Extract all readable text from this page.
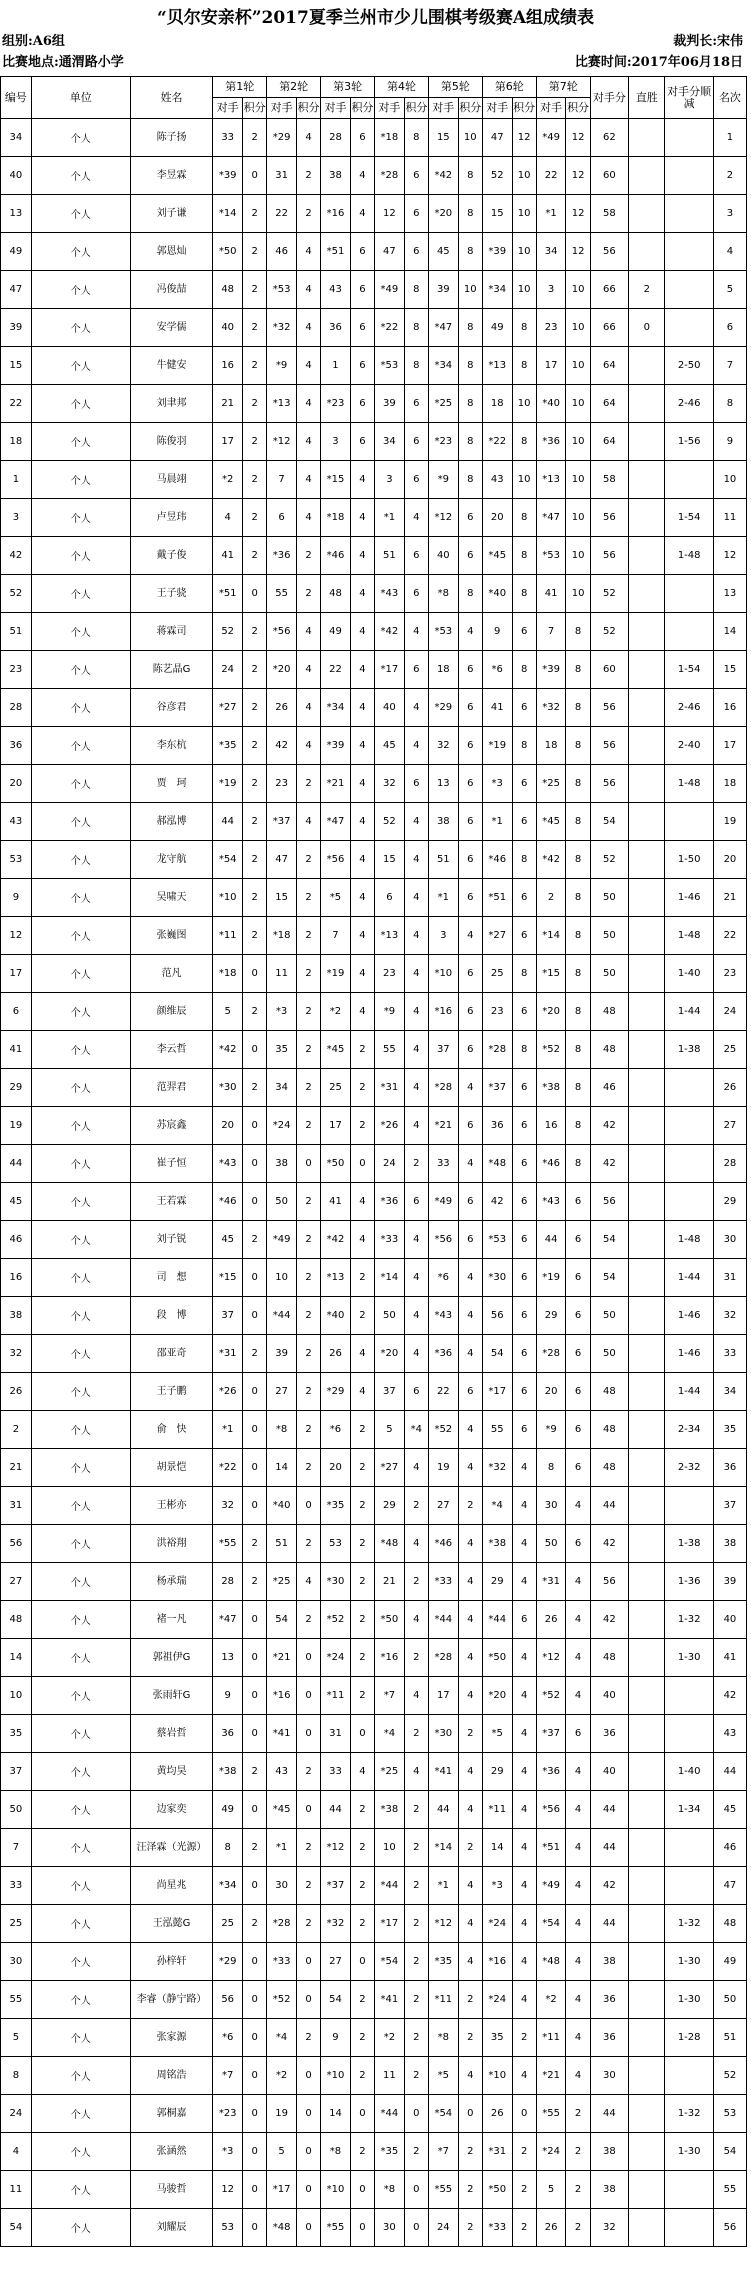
“贝尔安亲杯”2017夏季兰州市少儿围棋考级赛A组成绩表
组别:A6组	裁判长:宋伟
比赛地点:通渭路小学	比赛时间:2017年06月18日
编号	单位	姓名	第1轮		第2轮		第3轮		第4轮		第5轮		第6轮		第7轮		对手分	直胜	对手分顺减	名次
			对手	积分	对手	积分	对手	积分	对手	积分	对手	积分	对手	积分	对手	积分				
34	个人	陈子扬	33	2	*29	4	28	6	*18	8	15	10	47	12	*49	12	62			1
40	个人	李昱霖	*39	0	31	2	38	4	*28	6	*42	8	52	10	22	12	60			2
13	个人	刘子谦	*14	2	22	2	*16	4	12	6	*20	8	15	10	*1	12	58			3
49	个人	郭恩灿	*50	2	46	4	*51	6	47	6	45	8	*39	10	34	12	56			4
47	个人	冯俊喆	48	2	*53	4	43	6	*49	8	39	10	*34	10	3	10	66	2		5
39	个人	安学儒	40	2	*32	4	36	6	*22	8	*47	8	49	8	23	10	66	0		6
15	个人	牛健安	16	2	*9	4	1	6	*53	8	*34	8	*13	8	17	10	64		2-50	7
22	个人	刘聿邦	21	2	*13	4	*23	6	39	6	*25	8	18	10	*40	10	64		2-46	8
18	个人	陈俊羽	17	2	*12	4	3	6	34	6	*23	8	*22	8	*36	10	64		1-56	9
1	个人	马晨翊	*2	2	7	4	*15	4	3	6	*9	8	43	10	*13	10	58			10
3	个人	卢昱玮	4	2	6	4	*18	4	*1	4	*12	6	20	8	*47	10	56		1-54	11
42	个人	戴子俊	41	2	*36	2	*46	4	51	6	40	6	*45	8	*53	10	56		1-48	12
52	个人	王子骁	*51	0	55	2	48	4	*43	6	*8	8	*40	8	41	10	52			13
51	个人	蒋霖司	52	2	*56	4	49	4	*42	4	*53	4	9	6	7	8	52			14
23	个人	陈艺晶G	24	2	*20	4	22	4	*17	6	18	6	*6	8	*39	8	60		1-54	15
28	个人	谷彦君	*27	2	26	4	*34	4	40	4	*29	6	41	6	*32	8	56		2-46	16
36	个人	李东杭	*35	2	42	4	*39	4	45	4	32	6	*19	8	18	8	56		2-40	17
20	个人	贾　珂	*19	2	23	2	*21	4	32	6	13	6	*3	6	*25	8	56		1-48	18
43	个人	郝泓博	44	2	*37	4	*47	4	52	4	38	6	*1	6	*45	8	54			19
53	个人	龙守航	*54	2	47	2	*56	4	15	4	51	6	*46	8	*42	8	52		1-50	20
9	个人	吴啸天	*10	2	15	2	*5	4	6	4	*1	6	*51	6	2	8	50		1-46	21
12	个人	张巍图	*11	2	*18	2	7	4	*13	4	3	4	*27	6	*14	8	50		1-48	22
17	个人	范凡	*18	0	11	2	*19	4	23	4	*10	6	25	8	*15	8	50		1-40	23
6	个人	颜维辰	5	2	*3	2	*2	4	*9	4	*16	6	23	6	*20	8	48		1-44	24
41	个人	李云哲	*42	0	35	2	*45	2	55	4	37	6	*28	8	*52	8	48		1-38	25
29	个人	范羿君	*30	2	34	2	25	2	*31	4	*28	4	*37	6	*38	8	46			26
19	个人	苏宸鑫	20	0	*24	2	17	2	*26	4	*21	6	36	6	16	8	42			27
44	个人	崔子恒	*43	0	38	0	*50	0	24	2	33	4	*48	6	*46	8	42			28
45	个人	王若霖	*46	0	50	2	41	4	*36	6	*49	6	42	6	*43	6	56			29
46	个人	刘子锐	45	2	*49	2	*42	4	*33	4	*56	6	*53	6	44	6	54		1-48	30
16	个人	司　想	*15	0	10	2	*13	2	*14	4	*6	4	*30	6	*19	6	54		1-44	31
38	个人	段　博	37	0	*44	2	*40	2	50	4	*43	4	56	6	29	6	50		1-46	32
32	个人	邵亚奇	*31	2	39	2	26	4	*20	4	*36	4	54	6	*28	6	50		1-46	33
26	个人	王子鹏	*26	0	27	2	*29	4	37	6	22	6	*17	6	20	6	48		1-44	34
2	个人	俞　快	*1	0	*8	2	*6	2	5	*4	*52	4	55	6	*9	6	48		2-34	35
21	个人	胡景恺	*22	0	14	2	20	2	*27	4	19	4	*32	4	8	6	48		2-32	36
31	个人	王彬亦	32	0	*40	0	*35	2	29	2	27	2	*4	4	30	4	44			37
56	个人	洪裕翔	*55	2	51	2	53	2	*48	4	*46	4	*38	4	50	6	42		1-38	38
27	个人	杨承瑞	28	2	*25	4	*30	2	21	2	*33	4	29	4	*31	4	56		1-36	39
48	个人	褚一凡	*47	0	54	2	*52	2	*50	4	*44	4	*44	6	26	4	42		1-32	40
14	个人	郭祖伊G	13	0	*21	0	*24	2	*16	2	*28	4	*50	4	*12	4	48		1-30	41
10	个人	张雨轩G	9	0	*16	0	*11	2	*7	4	17	4	*20	4	*52	4	40			42
35	个人	蔡岩哲	36	0	*41	0	31	0	*4	2	*30	2	*5	4	*37	6	36			43
37	个人	黄均昊	*38	2	43	2	33	4	*25	4	*41	4	29	4	*36	4	40		1-40	44
50	个人	边家奕	49	0	*45	0	44	2	*38	2	44	4	*11	4	*56	4	44		1-34	45
7	个人	汪泽霖（光源）	8	2	*1	2	*12	2	10	2	*14	2	14	4	*51	4	44			46
33	个人	尚星兆	*34	0	30	2	*37	2	*44	2	*1	4	*3	4	*49	4	42			47
25	个人	王泓懿G	25	2	*28	2	*32	2	*17	2	*12	4	*24	4	*54	4	44		1-32	48
30	个人	孙梓轩	*29	0	*33	0	27	0	*54	2	*35	4	*16	4	*48	4	38		1-30	49
55	个人	李睿（静宁路）	56	0	*52	0	54	2	*41	2	*11	2	*24	4	*2	4	36		1-30	50
5	个人	张家源	*6	0	*4	2	9	2	*2	2	*8	2	35	2	*11	4	36		1-28	51
8	个人	周铭浩	*7	0	*2	0	*10	2	11	2	*5	4	*10	4	*21	4	30			52
24	个人	郭桐嘉	*23	0	19	0	14	0	*44	0	*54	0	26	0	*55	2	44		1-32	53
4	个人	张涵然	*3	0	5	0	*8	2	*35	2	*7	2	*31	2	*24	2	38		1-30	54
11	个人	马骏哲	12	0	*17	0	*10	0	*8	0	*55	2	*50	2	5	2	38			55
54	个人	刘耀辰	53	0	*48	0	*55	0	30	0	24	2	*33	2	26	2	32			56
